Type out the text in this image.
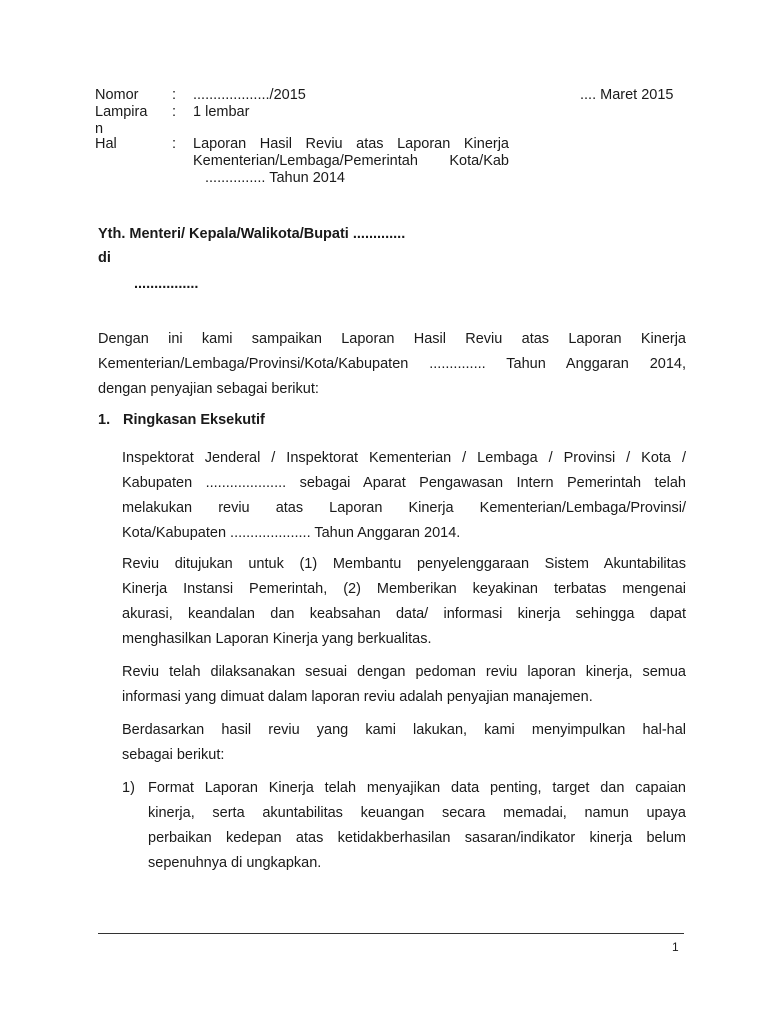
Nomor : .................../2015	.... Maret 2015
Lampira
n
: 1 lembar
Hal	: Laporan Hasil Reviu atas Laporan Kinerja
Kementerian/Lembaga/Pemerintah Kota/Kab
............... Tahun 2014
Yth. Menteri/ Kepala/Walikota/Bupati .............
di
................
Dengan ini kami sampaikan Laporan Hasil Reviu atas Laporan Kinerja
Kementerian/Lembaga/Provinsi/Kota/Kabupaten .............. Tahun Anggaran 2014,
dengan penyajian sebagai berikut:
1. Ringkasan Eksekutif
Inspektorat Jenderal / Inspektorat Kementerian / Lembaga / Provinsi / Kota /
Kabupaten .................... sebagai Aparat Pengawasan Intern Pemerintah telah
melakukan reviu atas Laporan Kinerja Kementerian/Lembaga/Provinsi/
Kota/Kabupaten .................... Tahun Anggaran 2014.
Reviu ditujukan untuk (1) Membantu penyelenggaraan Sistem Akuntabilitas
Kinerja Instansi Pemerintah, (2) Memberikan keyakinan terbatas mengenai
akurasi, keandalan dan keabsahan data/ informasi kinerja sehingga dapat
menghasilkan Laporan Kinerja yang berkualitas.
Reviu telah dilaksanakan sesuai dengan pedoman reviu laporan kinerja, semua
informasi yang dimuat dalam laporan reviu adalah penyajian manajemen.
Berdasarkan hasil reviu yang kami lakukan, kami menyimpulkan hal-hal
sebagai berikut:
1) Format Laporan Kinerja telah menyajikan data penting, target dan capaian
kinerja, serta akuntabilitas keuangan secara memadai, namun upaya
perbaikan kedepan atas ketidakberhasilan sasaran/indikator kinerja belum
sepenuhnya di ungkapkan.
1
